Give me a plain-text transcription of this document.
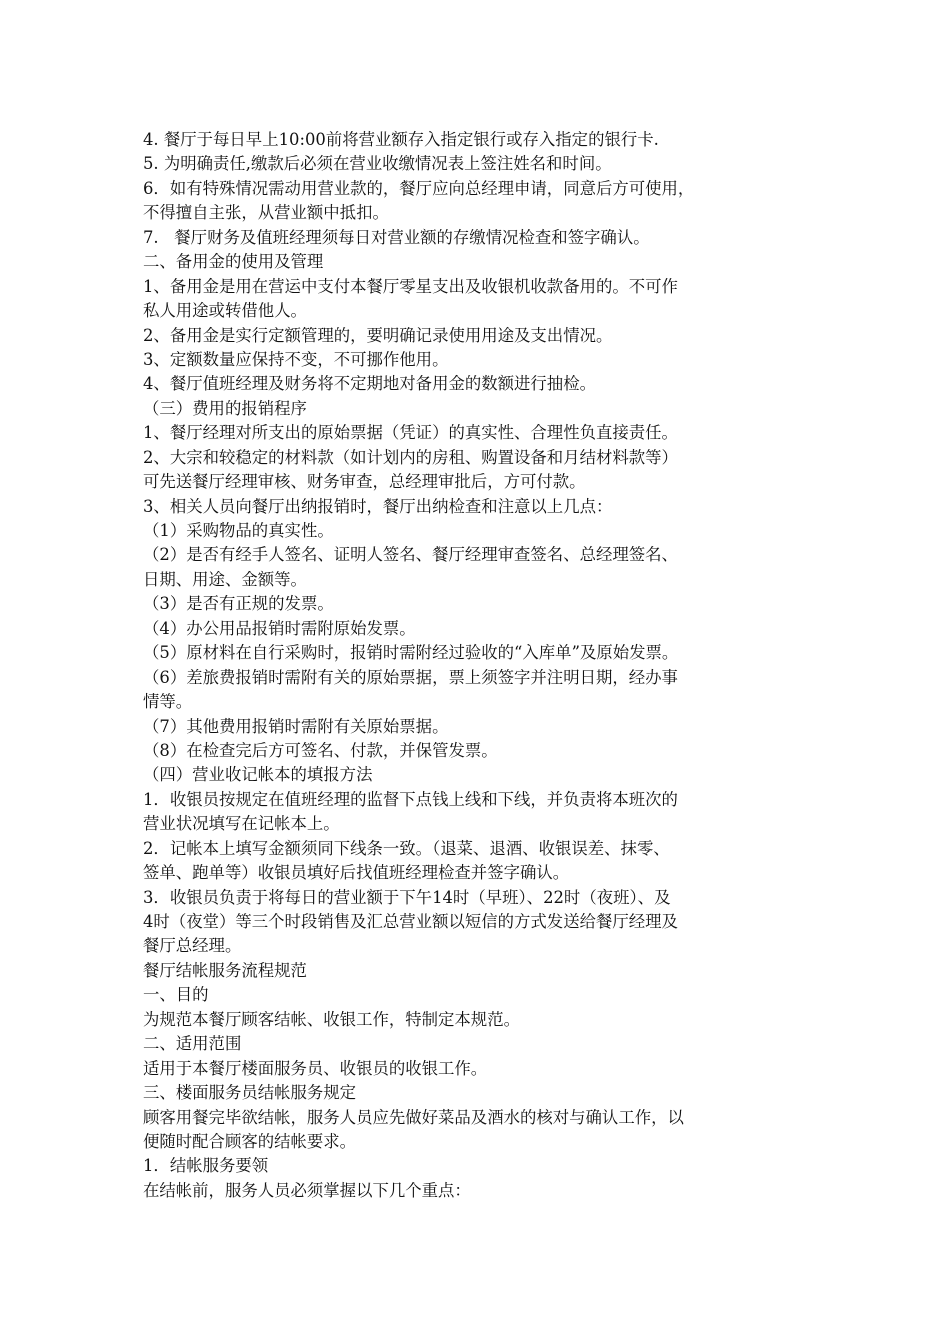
4. 餐厅于每日早上10:00前将营业额存入指定银行或存入指定的银行卡.
5. 为明确责任,缴款后必须在营业收缴情况表上签注姓名和时间。
6．如有特殊情况需动用营业款的，餐厅应向总经理申请，同意后方可使用，
不得擅自主张，从营业额中抵扣。
7.   餐厅财务及值班经理须每日对营业额的存缴情况检查和签字确认。
二、备用金的使用及管理
1、备用金是用在营运中支付本餐厅零星支出及收银机收款备用的。不可作
私人用途或转借他人。
2、备用金是实行定额管理的，要明确记录使用用途及支出情况。
3、定额数量应保持不变，不可挪作他用。
4、餐厅值班经理及财务将不定期地对备用金的数额进行抽检。
（三）费用的报销程序
1、餐厅经理对所支出的原始票据（凭证）的真实性、合理性负直接责任。
2、大宗和较稳定的材料款（如计划内的房租、购置设备和月结材料款等）
可先送餐厅经理审核、财务审查，总经理审批后，方可付款。
3、相关人员向餐厅出纳报销时，餐厅出纳检查和注意以上几点：
（1）采购物品的真实性。
（2）是否有经手人签名、证明人签名、餐厅经理审查签名、总经理签名、
日期、用途、金额等。
（3）是否有正规的发票。
（4）办公用品报销时需附原始发票。
（5）原材料在自行采购时，报销时需附经过验收的“入库单”及原始发票。
（6）差旅费报销时需附有关的原始票据，票上须签字并注明日期，经办事
情等。
（7）其他费用报销时需附有关原始票据。
（8）在检查完后方可签名、付款，并保管发票。
（四）营业收记帐本的填报方法
1．收银员按规定在值班经理的监督下点钱上线和下线，并负责将本班次的
营业状况填写在记帐本上。
2．记帐本上填写金额须同下线条一致。（退菜、退酒、收银误差、抹零、
签单、跑单等）收银员填好后找值班经理检查并签字确认。
3．收银员负责于将每日的营业额于下午14时（早班）、22时（夜班）、及
4时（夜堂）等三个时段销售及汇总营业额以短信的方式发送给餐厅经理及
餐厅总经理。
餐厅结帐服务流程规范
一、目的
为规范本餐厅顾客结帐、收银工作，特制定本规范。
二、适用范围
适用于本餐厅楼面服务员、收银员的收银工作。
三、楼面服务员结帐服务规定
顾客用餐完毕欲结帐，服务人员应先做好菜品及酒水的核对与确认工作，以
便随时配合顾客的结帐要求。
1．结帐服务要领
在结帐前，服务人员必须掌握以下几个重点：
